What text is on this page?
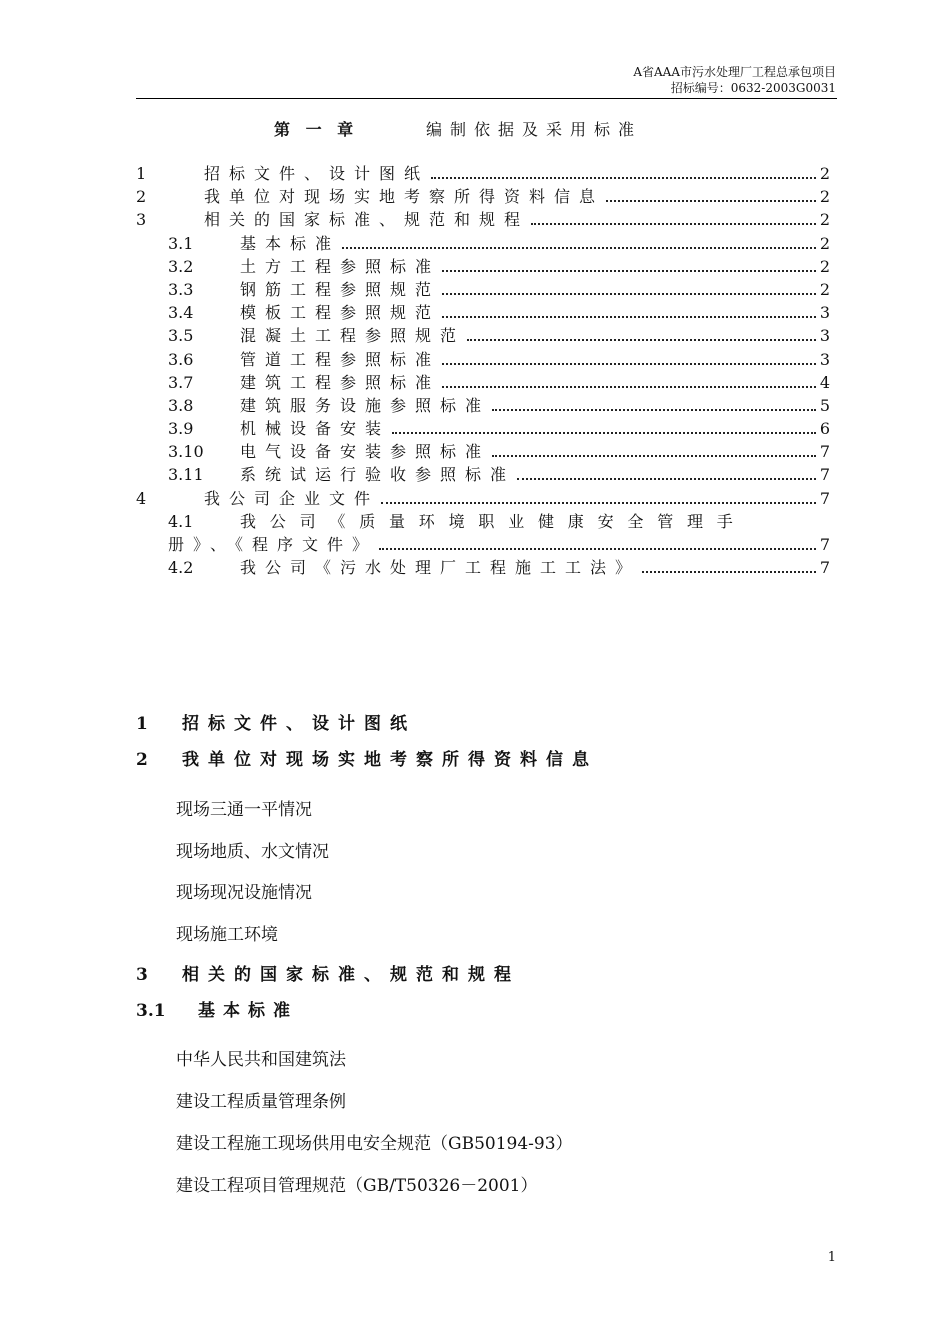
A省AAA市污水处理厂工程总承包项目
招标编号：0632-2003G0031
第 一 章	编制依据及采用标准
1	招标文件、设计图纸	2
2	我单位对现场实地考察所得资料信息	2
3	相关的国家标准、规范和规程	2
3.1	基本标准	2
3.2	土方工程参照标准	2
3.3	钢筋工程参照规范	2
3.4	模板工程参照规范	3
3.5	混凝土工程参照规范	3
3.6	管道工程参照标准	3
3.7	建筑工程参照标准	4
3.8	建筑服务设施参照标准	5
3.9	机械设备安装	6
3.10	电气设备安装参照标准	7
3.11	系统试运行验收参照标准	7
4	我公司企业文件	7
4.1	我公司《质量环境职业健康安全管理手
册》、《程序文件》	7
4.2	我公司《污水处理厂工程施工工法》	7
1 招标文件、设计图纸
2 我单位对现场实地考察所得资料信息
现场三通一平情况
现场地质、水文情况
现场现况设施情况
现场施工环境
3 相关的国家标准、规范和规程
3.1 基本标准
中华人民共和国建筑法
建设工程质量管理条例
建设工程施工现场供用电安全规范（GB50194-93）
建设工程项目管理规范（GB/T50326－2001）
1
